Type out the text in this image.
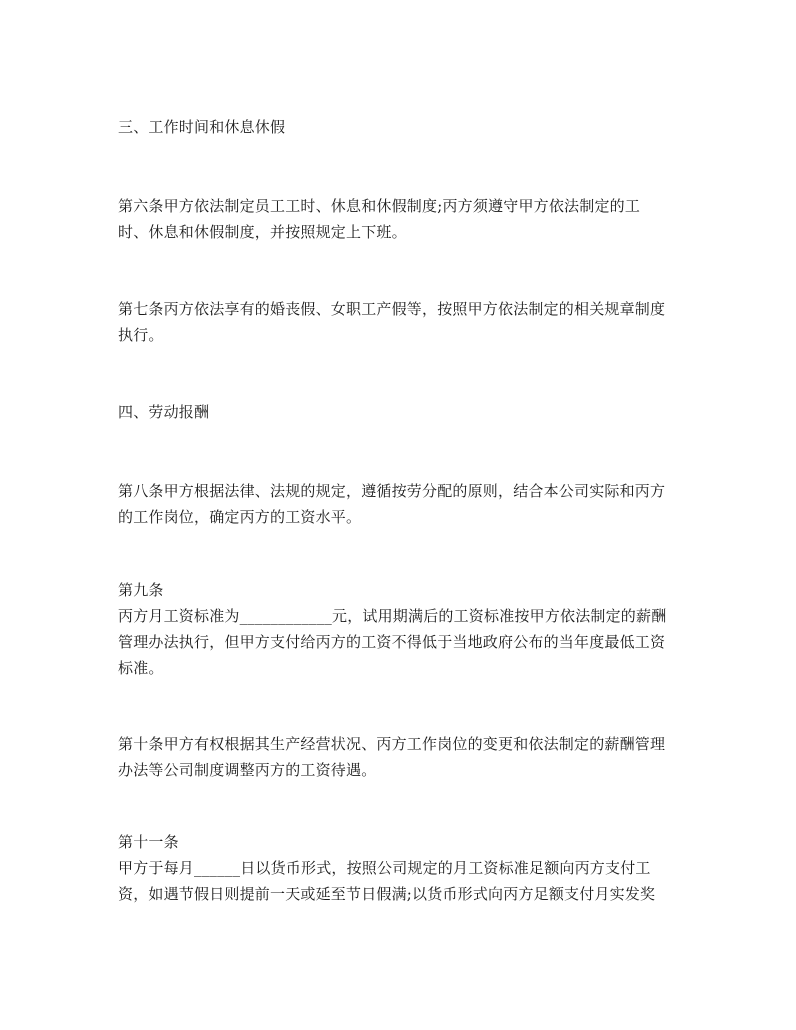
三、工作时间和休息休假
第六条甲方依法制定员工工时、休息和休假制度;丙方须遵守甲方依法制定的工
时、休息和休假制度，并按照规定上下班。
第七条丙方依法享有的婚丧假、女职工产假等，按照甲方依法制定的相关规章制度
执行。
四、劳动报酬
第八条甲方根据法律、法规的规定，遵循按劳分配的原则，结合本公司实际和丙方
的工作岗位，确定丙方的工资水平。
第九条
丙方月工资标准为____________元，试用期满后的工资标准按甲方依法制定的薪酬
管理办法执行，但甲方支付给丙方的工资不得低于当地政府公布的当年度最低工资
标准。
第十条甲方有权根据其生产经营状况、丙方工作岗位的变更和依法制定的薪酬管理
办法等公司制度调整丙方的工资待遇。
第十一条
甲方于每月______日以货币形式，按照公司规定的月工资标准足额向丙方支付工
资，如遇节假日则提前一天或延至节日假满;以货币形式向丙方足额支付月实发奖
